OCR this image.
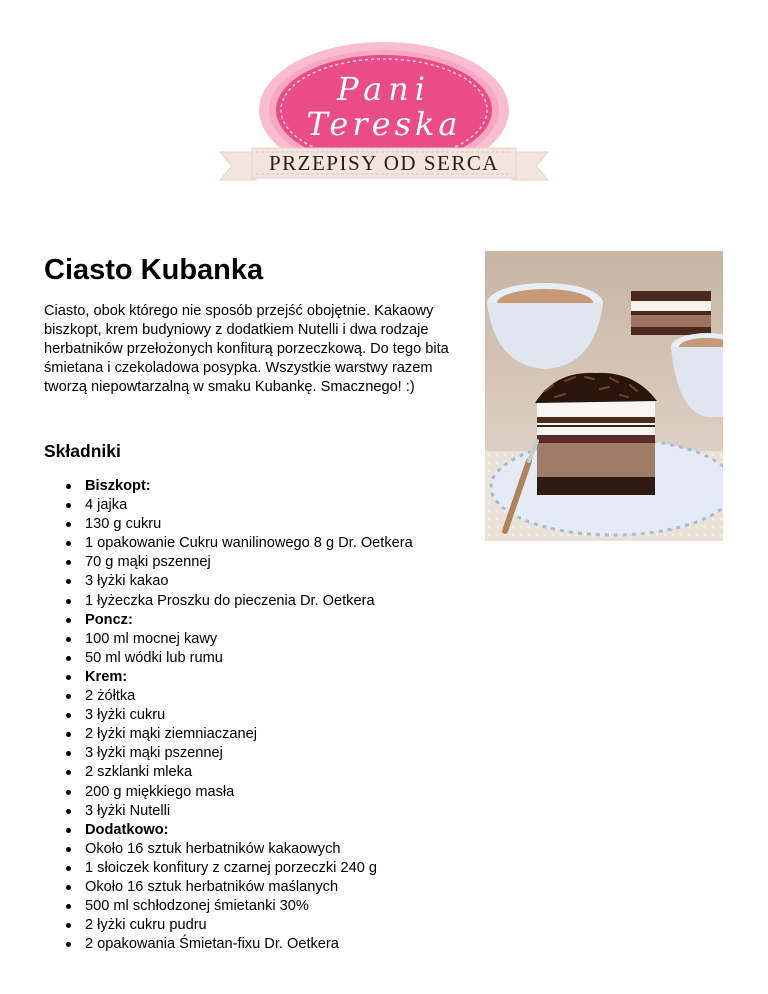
Pani
Tereska
PRZEPISY OD SERCA
Ciasto Kubanka

Ciasto, obok którego nie sposób przejść obojętnie. Kakaowy biszkopt, krem budyniowy z dodatkiem Nutelli i dwa rodzaje herbatników przełożonych konfiturą porzeczkową. Do tego bita śmietana i czekoladowa posypka. Wszystkie warstwy razem tworzą niepowtarzalną w smaku Kubankę. Smacznego! :)

Składniki
Biszkopt:
4 jajka
130 g cukru
1 opakowanie Cukru wanilinowego 8 g Dr. Oetkera
70 g mąki pszennej
3 łyżki kakao
1 łyżeczka Proszku do pieczenia Dr. Oetkera
Poncz:
100 ml mocnej kawy
50 ml wódki lub rumu
Krem:
2 żółtka
3 łyżki cukru
2 łyżki mąki ziemniaczanej
3 łyżki mąki pszennej
2 szklanki mleka
200 g miękkiego masła
3 łyżki Nutelli
Dodatkowo:
Około 16 sztuk herbatników kakaowych
1 słoiczek konfitury z czarnej porzeczki 240 g
Około 16 sztuk herbatników maślanych
500 ml schłodzonej śmietanki 30%
2 łyżki cukru pudru
2 opakowania Śmietan-fixu Dr. Oetkera
